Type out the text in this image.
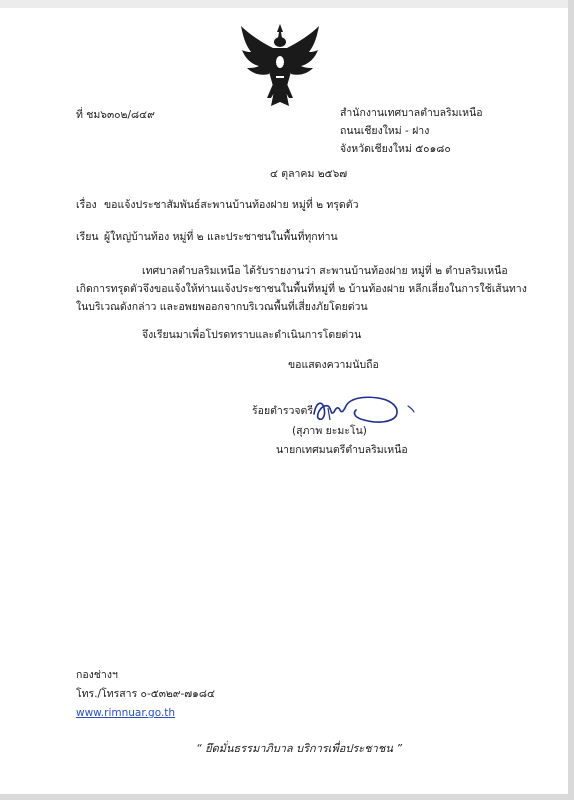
ที่ ชม๖๓๐๒/๘๔๙	สำนักงานเทศบาลตำบลริมเหนือ
ถนนเชียงใหม่ - ฝาง
จังหวัดเชียงใหม่ ๕๐๑๘๐
๔ ตุลาคม ๒๕๖๗
เรื่อง ขอแจ้งประชาสัมพันธ์สะพานบ้านท้องฝาย หมู่ที่ ๒ ทรุดตัว
เรียน ผู้ใหญ่บ้านท้อง หมู่ที่ ๒ และประชาชนในพื้นที่ทุกท่าน
เทศบาลตำบลริมเหนือ ได้รับรายงานว่า สะพานบ้านท้องฝาย หมู่ที่ ๒ ตำบลริมเหนือ
เกิดการทรุดตัวจึงขอแจ้งให้ท่านแจ้งประชาชนในพื้นที่หมู่ที่ ๒ บ้านท้องฝาย หลีกเลี่ยงในการใช้เส้นทาง
ในบริเวณดังกล่าว และอพยพออกจากบริเวณพื้นที่เสี่ยงภัยโดยด่วน
จึงเรียนมาเพื่อโปรดทราบและดำเนินการโดยด่วน
ขอแสดงความนับถือ
ร้อยตำรวจตรี
(สุภาพ ยะมะโน)
นายกเทศมนตรีตำบลริมเหนือ
กองช่างฯ
โทร./โทรสาร ๐-๕๓๒๙-๗๑๘๔
www.rimnuar.go.th
“ ยึดมั่นธรรมาภิบาล บริการเพื่อประชาชน ”
